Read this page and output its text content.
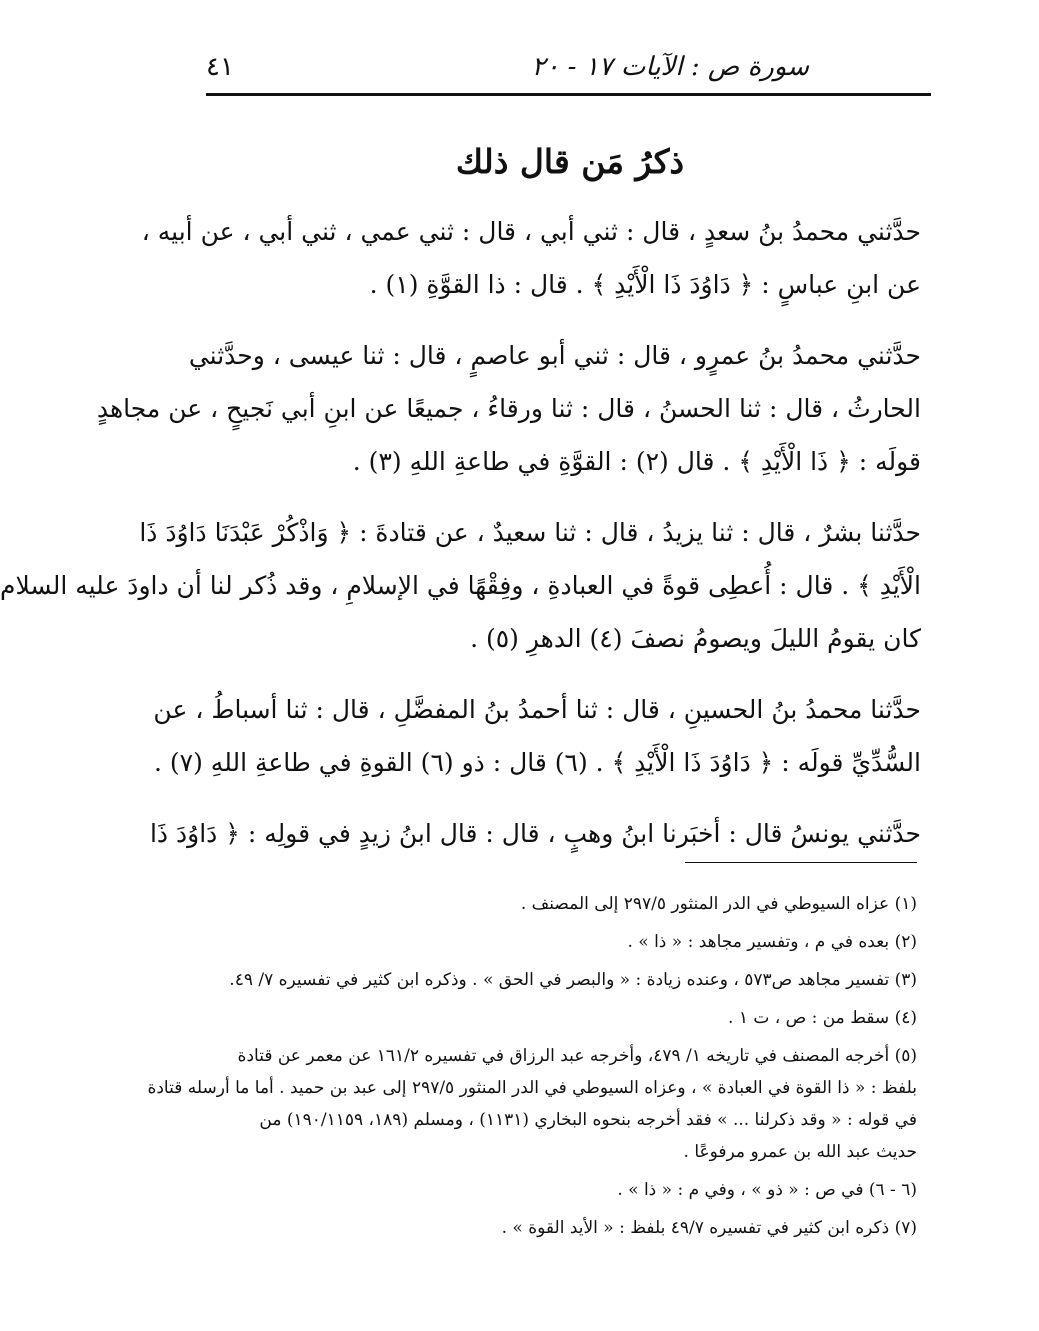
سورة ص : الآيات ١٧ - ٢٠
٤١
ذكرُ مَن قال ذلك
حدَّثني محمدُ بنُ سعدٍ ، قال : ثني أبي ، قال : ثني عمي ، ثني أبي ، عن أبيه ،
عن ابنِ عباسٍ : ﴿ دَاوُدَ ذَا الْأَيْدِ ﴾ . قال : ذا القوَّةِ (١) .
حدَّثني محمدُ بنُ عمرٍو ، قال : ثني أبو عاصمٍ ، قال : ثنا عيسى ، وحدَّثني
الحارثُ ، قال : ثنا الحسنُ ، قال : ثنا ورقاءُ ، جميعًا عن ابنِ أبي نَجيحٍ ، عن مجاهدٍ
قولَه : ﴿ ذَا الْأَيْدِ ﴾ . قال (٢) : القوَّةِ في طاعةِ اللهِ (٣) .
حدَّثنا بشرٌ ، قال : ثنا يزيدُ ، قال : ثنا سعيدٌ ، عن قتادةَ : ﴿ وَاذْكُرْ عَبْدَنَا دَاوُدَ ذَا
الْأَيْدِ ﴾ . قال : أُعطِى قوةً في العبادةِ ، وفِقْهًا في الإسلامِ ، وقد ذُكر لنا أن داودَ عليه السلام
كان يقومُ الليلَ ويصومُ نصفَ (٤) الدهرِ (٥) .
حدَّثنا محمدُ بنُ الحسينِ ، قال : ثنا أحمدُ بنُ المفضَّلِ ، قال : ثنا أسباطُ ، عن
السُّدِّيِّ قولَه : ﴿ دَاوُدَ ذَا الْأَيْدِ ﴾ . (٦) قال : ذو (٦) القوةِ في طاعةِ اللهِ (٧) .
حدَّثني يونسُ قال : أخبَرنا ابنُ وهبٍ ، قال : قال ابنُ زيدٍ في قولِه : ﴿ دَاوُدَ ذَا
(١) عزاه السيوطي في الدر المنثور ٢٩٧/٥ إلى المصنف .
(٢) بعده في م ، وتفسير مجاهد : « ذا » .
(٣) تفسير مجاهد ص٥٧٣ ، وعنده زيادة : « والبصر في الحق » . وذكره ابن كثير في تفسيره ٧/ ٤٩.
(٤) سقط من : ص ، ت ١ .
(٥) أخرجه المصنف في تاريخه ١/ ٤٧٩، وأخرجه عبد الرزاق في تفسيره ١٦١/٢ عن معمر عن قتادة
بلفظ : « ذا القوة في العبادة » ، وعزاه السيوطي في الدر المنثور ٢٩٧/٥ إلى عبد بن حميد . أما ما أرسله قتادة
في قوله : « وقد ذكرلنا ... » فقد أخرجه بنحوه البخاري (١١٣١) ، ومسلم (١٨٩، ١٩٠/١١٥٩) من
حديث عبد الله بن عمرو مرفوعًا .
(٦ - ٦) في ص : « ذو » ، وفي م : « ذا » .
(٧) ذكره ابن كثير في تفسيره ٤٩/٧ بلفظ : « الأيد القوة » .
